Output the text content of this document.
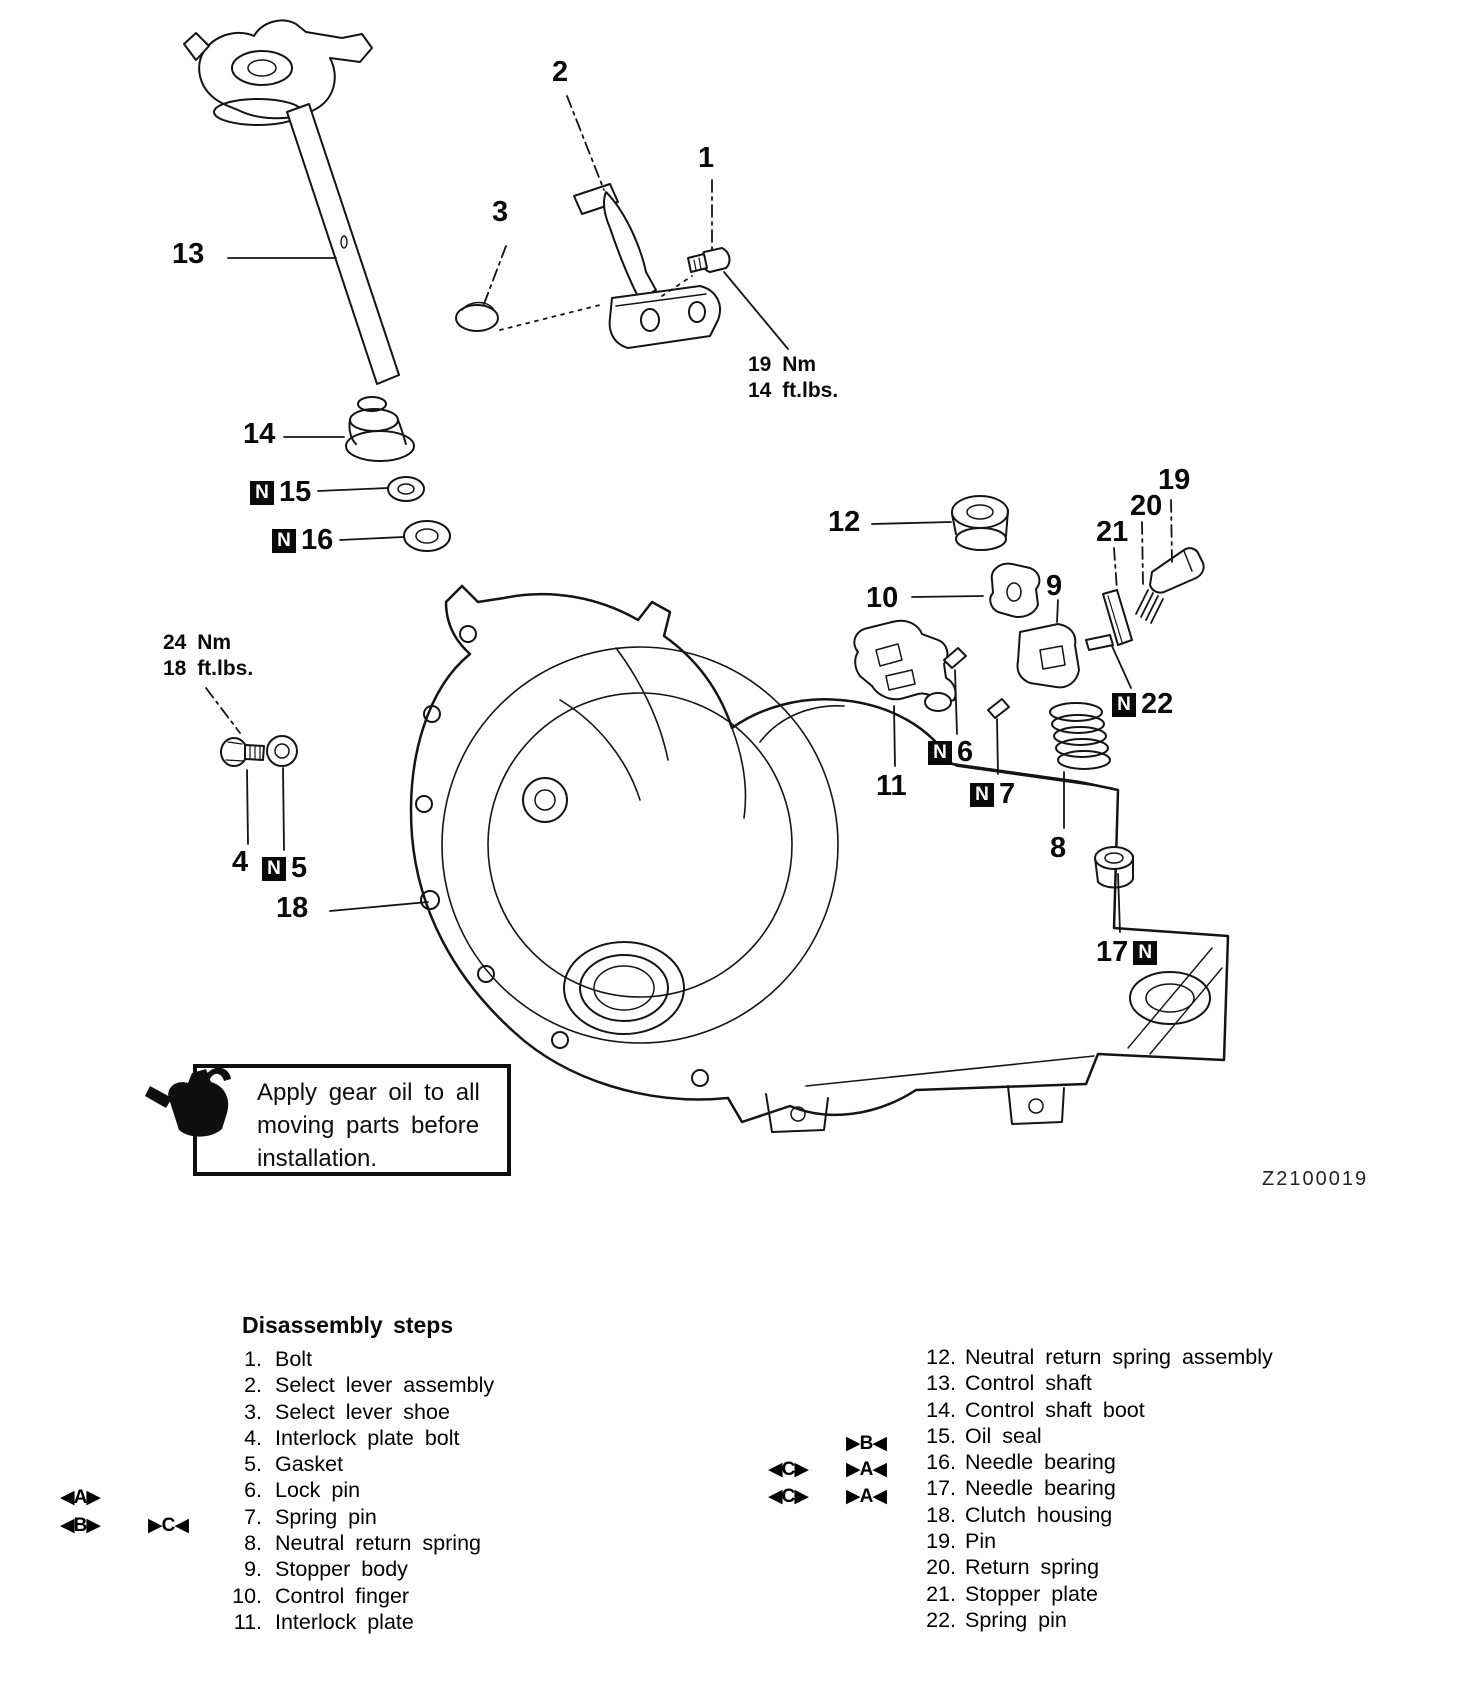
2
1
3
13
14
N 15
N 16
12
10	9
21
20
19
N 22
11
N 6
N 7
8
17 N
4 N 5
18
19 Nm
14 ft.lbs.
24 Nm
18 ft.lbs.
Apply gear oil to all
moving parts before
installation.
Z2100019
Disassembly steps
1. Bolt
2. Select lever assembly
3. Select lever shoe
4. Interlock plate bolt
5. Gasket
6. Lock pin
7. Spring pin
8. Neutral return spring
9. Stopper body
10. Control finger
11. Interlock plate
12. Neutral return spring assembly
13. Control shaft
14. Control shaft boot
15. Oil seal
16. Needle bearing
17. Needle bearing
18. Clutch housing
19. Pin
20. Return spring
21. Stopper plate
22. Spring pin
◀A▶
◀B▶	▶C◀
▶B◀
◀C▶ ▶A◀
◀C▶ ▶A◀
